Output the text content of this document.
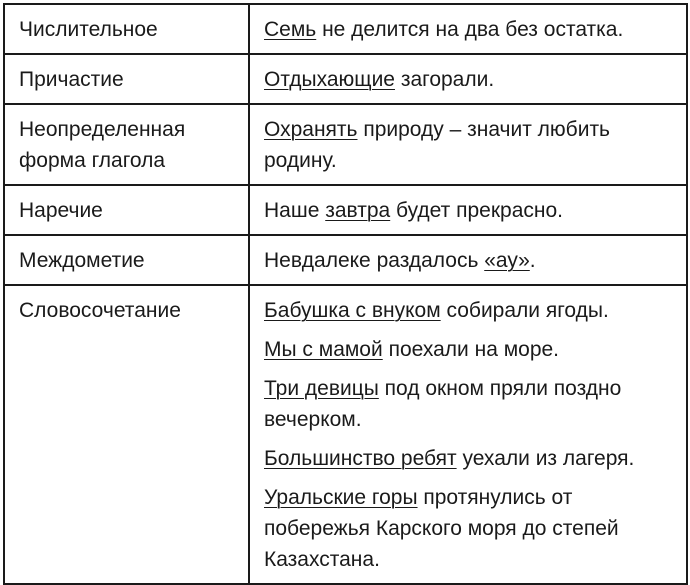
Числительное	Семь не делится на два без остатка.

Причастие	Отдыхающие загорали.

Неопределенная форма глагола	Охранять природу – значит любить родину.

Наречие	Наше завтра будет прекрасно.

Междометие	Невдалеке раздалось «ау».

Словосочетание	Бабушка с внуком собирали ягоды.
Мы с мамой поехали на море.
Три девицы под окном пряли поздно вечерком.
Большинство ребят уехали из лагеря.
Уральские горы протянулись от побережья Карского моря до степей Казахстана.
